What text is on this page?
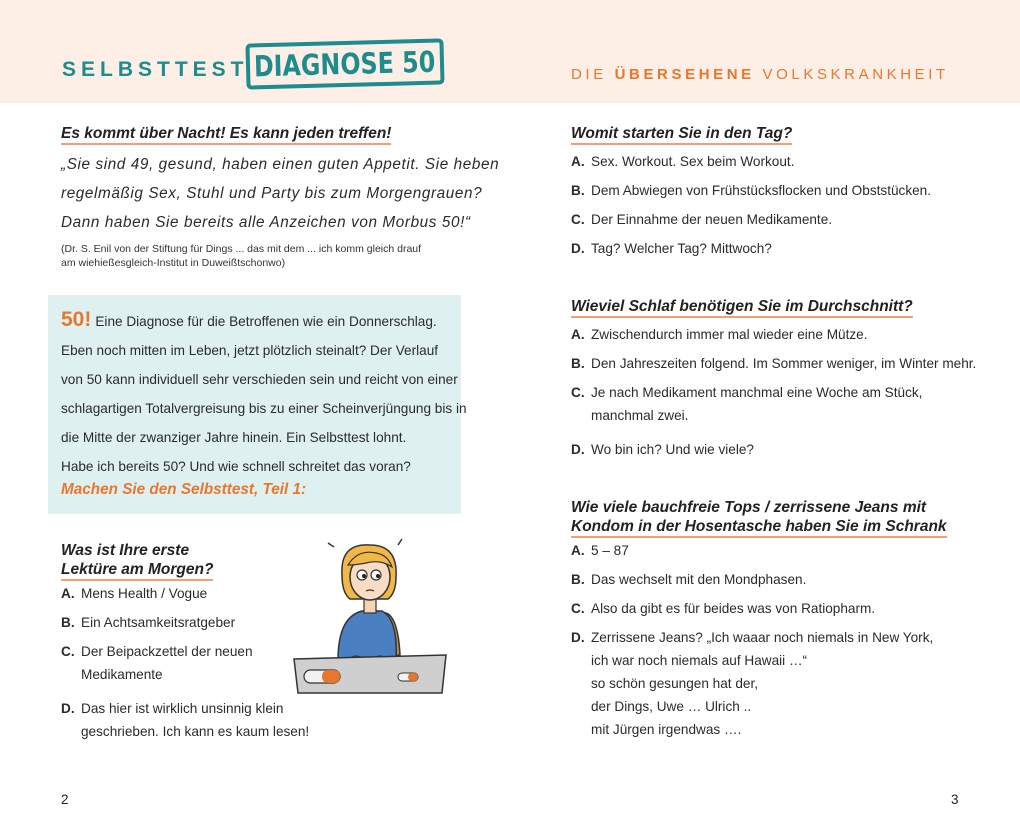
SELBSTTEST DIAGNOSE 50	DIE ÜBERSEHENE VOLKSKRANKHEIT
Es kommt über Nacht! Es kann jeden treffen!
„Sie sind 49, gesund, haben einen guten Appetit. Sie heben
regelmäßig Sex, Stuhl und Party bis zum Morgengrauen?
Dann haben Sie bereits alle Anzeichen von Morbus 50!“
(Dr. S. Enil von der Stiftung für Dings ... das mit dem ... ich komm gleich drauf
am wiehießesgleich-Institut in Duweißtschonwo)
50! Eine Diagnose für die Betroffenen wie ein Donnerschlag.
Eben noch mitten im Leben, jetzt plötzlich steinalt? Der Verlauf
von 50 kann individuell sehr verschieden sein und reicht von einer
schlagartigen Totalvergreisung bis zu einer Scheinverjüngung bis in
die Mitte der zwanziger Jahre hinein. Ein Selbsttest lohnt.
Habe ich bereits 50? Und wie schnell schreitet das voran?
Machen Sie den Selbsttest, Teil 1:
Was ist Ihre erste
Lektüre am Morgen?
A. Mens Health / Vogue
B. Ein Achtsamkeitsratgeber
C. Der Beipackzettel der neuen
Medikamente
D. Das hier ist wirklich unsinnig klein
geschrieben. Ich kann es kaum lesen!
2
Womit starten Sie in den Tag?
A. Sex. Workout. Sex beim Workout.
B. Dem Abwiegen von Frühstücksflocken und Obststücken.
C. Der Einnahme der neuen Medikamente.
D. Tag? Welcher Tag? Mittwoch?
Wieviel Schlaf benötigen Sie im Durchschnitt?
A. Zwischendurch immer mal wieder eine Mütze.
B. Den Jahreszeiten folgend. Im Sommer weniger, im Winter mehr.
C. Je nach Medikament manchmal eine Woche am Stück,
manchmal zwei.
D. Wo bin ich? Und wie viele?
Wie viele bauchfreie Tops / zerrissene Jeans mit
Kondom in der Hosentasche haben Sie im Schrank
A. 5 – 87
B. Das wechselt mit den Mondphasen.
C. Also da gibt es für beides was von Ratiopharm.
D. Zerrissene Jeans? „Ich waaar noch niemals in New York,
ich war noch niemals auf Hawaii …“
so schön gesungen hat der,
der Dings, Uwe … Ulrich ..
mit Jürgen irgendwas ….
3
